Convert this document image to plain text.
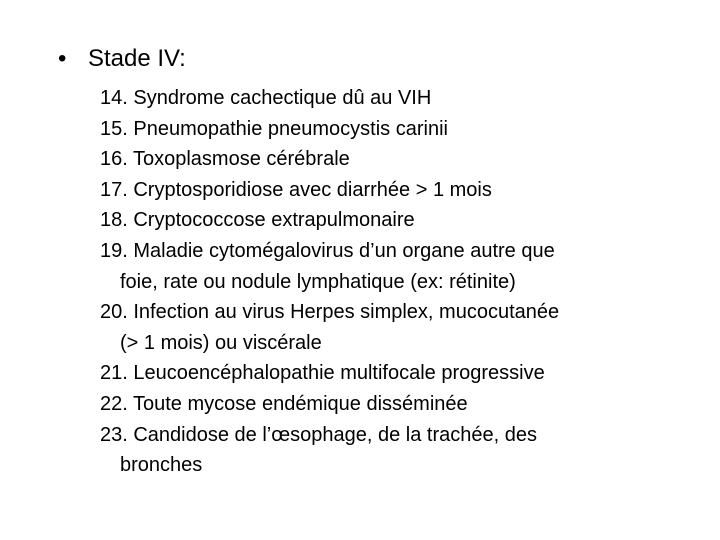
• Stade IV:
14. Syndrome cachectique dû au VIH
15. Pneumopathie pneumocystis carinii
16. Toxoplasmose cérébrale
17. Cryptosporidiose avec diarrhée > 1 mois
18. Cryptococcose extrapulmonaire
19. Maladie cytomégalovirus d’un organe autre que
foie, rate ou nodule lymphatique (ex: rétinite)
20. Infection au virus Herpes simplex, mucocutanée
(> 1 mois) ou viscérale
21. Leucoencéphalopathie multifocale progressive
22. Toute mycose endémique disséminée
23. Candidose de l’œsophage, de la trachée, des
bronches
